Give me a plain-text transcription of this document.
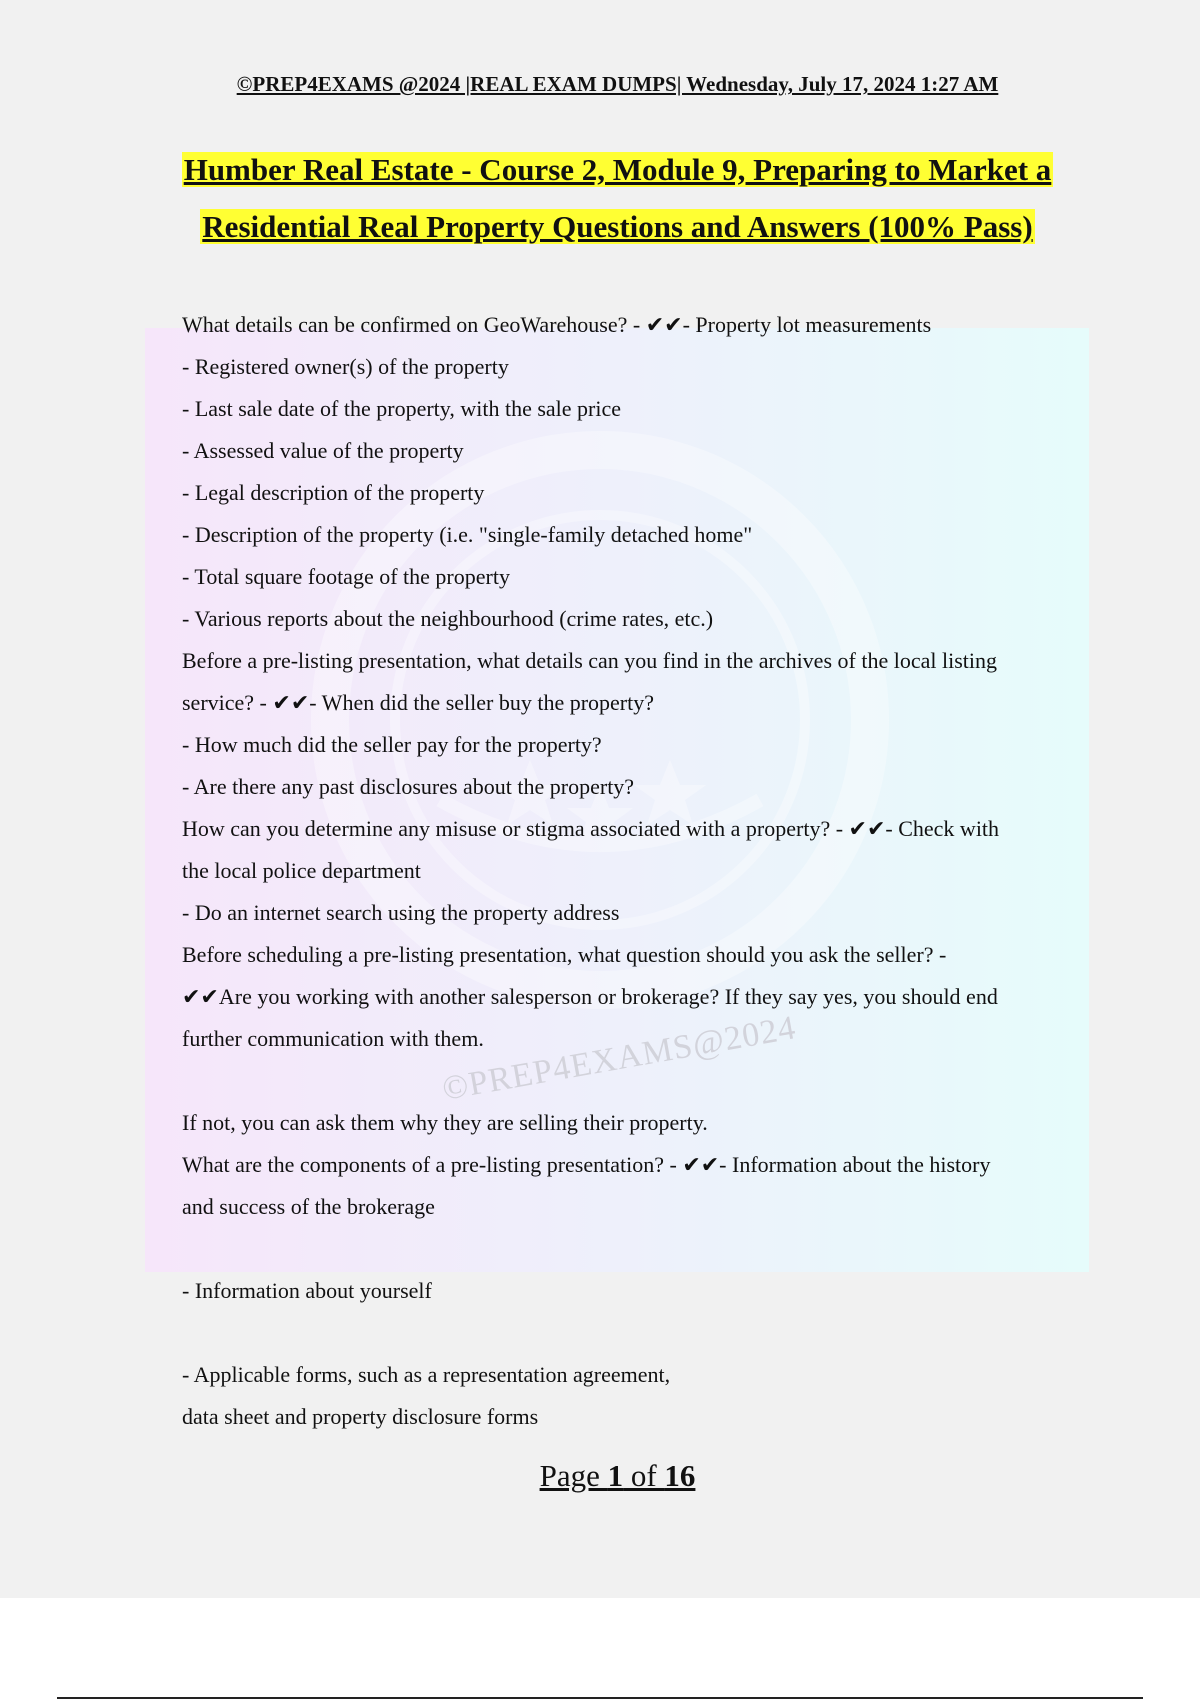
©PREP4EXAMS@2024
©PREP4EXAMS @2024 |REAL EXAM DUMPS| Wednesday, July 17, 2024 1:27 AM
Humber Real Estate - Course 2, Module 9, Preparing to Market a
Residential Real Property Questions and Answers (100% Pass)

What details can be confirmed on GeoWarehouse? - ✔✔- Property lot measurements

- Registered owner(s) of the property

- Last sale date of the property, with the sale price

- Assessed value of the property

- Legal description of the property

- Description of the property (i.e. "single-family detached home"

- Total square footage of the property

- Various reports about the neighbourhood (crime rates, etc.)

Before a pre-listing presentation, what details can you find in the archives of the local listing

service? - ✔✔- When did the seller buy the property?

- How much did the seller pay for the property?

- Are there any past disclosures about the property?

How can you determine any misuse or stigma associated with a property? - ✔✔- Check with

the local police department

- Do an internet search using the property address

Before scheduling a pre-listing presentation, what question should you ask the seller? -

✔✔Are you working with another salesperson or brokerage? If they say yes, you should end

further communication with them.

If not, you can ask them why they are selling their property.

What are the components of a pre-listing presentation? - ✔✔- Information about the history

and success of the brokerage

- Information about yourself

- Applicable forms, such as a representation agreement,

data sheet and property disclosure forms

Page 1 of 16
